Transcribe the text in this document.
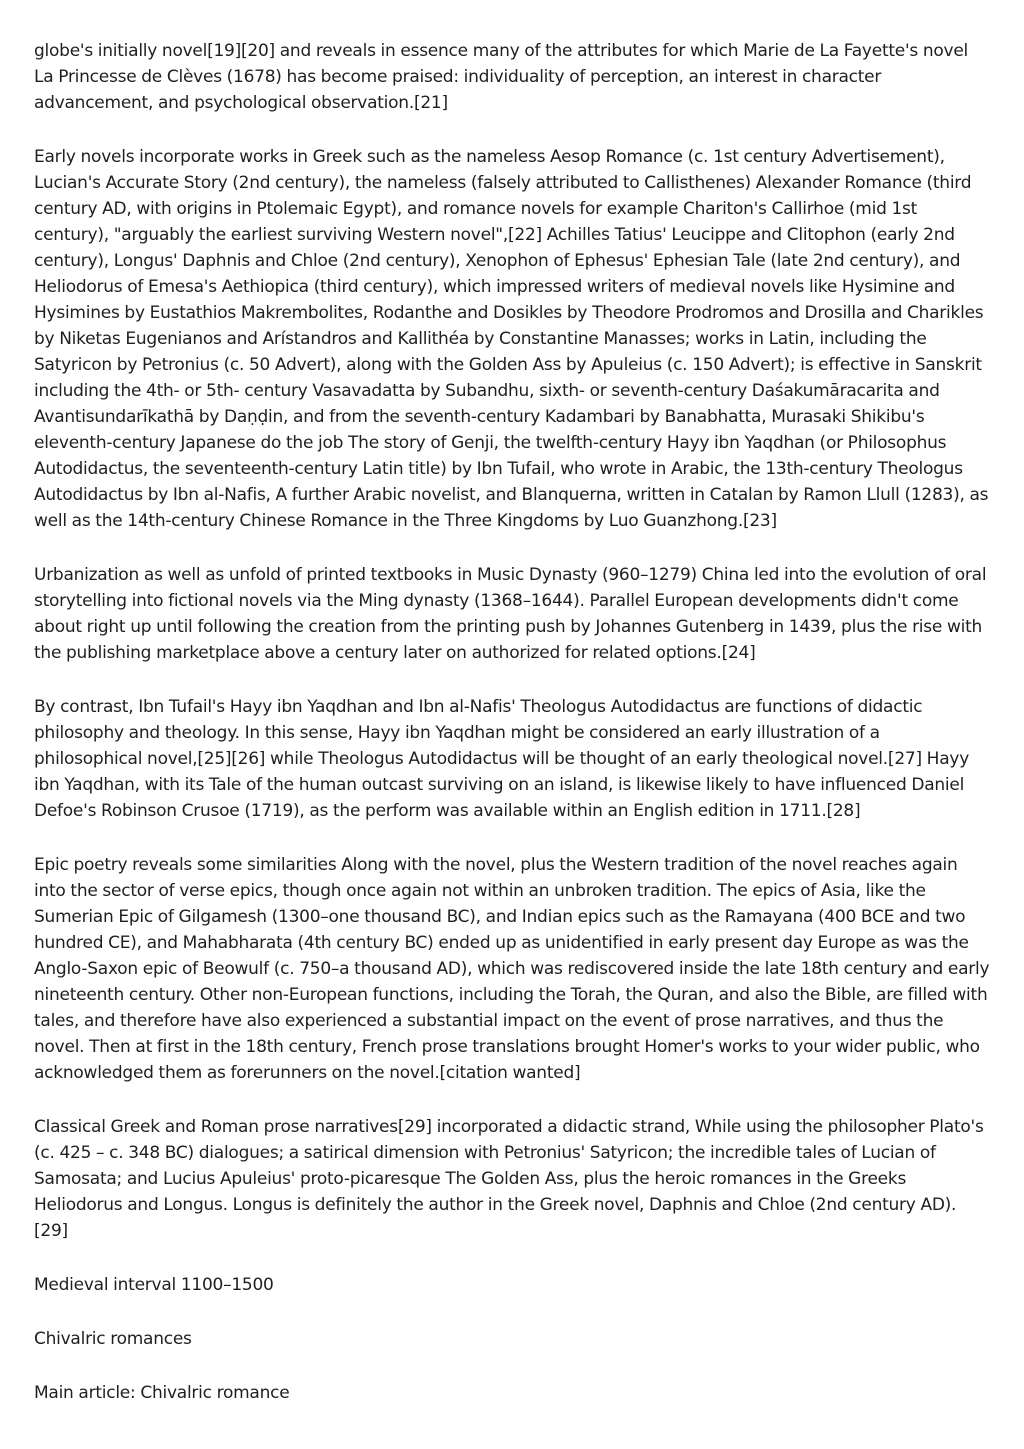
globe's initially novel[19][20] and reveals in essence many of the attributes for which Marie de La Fayette's novel La Princesse de Clèves (1678) has become praised: individuality of perception, an interest in character advancement, and psychological observation.[21]

Early novels incorporate works in Greek such as the nameless Aesop Romance (c. 1st century Advertisement), Lucian's Accurate Story (2nd century), the nameless (falsely attributed to Callisthenes) Alexander Romance (third century AD, with origins in Ptolemaic Egypt), and romance novels for example Chariton's Callirhoe (mid 1st century), "arguably the earliest surviving Western novel",[22] Achilles Tatius' Leucippe and Clitophon (early 2nd century), Longus' Daphnis and Chloe (2nd century), Xenophon of Ephesus' Ephesian Tale (late 2nd century), and Heliodorus of Emesa's Aethiopica (third century), which impressed writers of medieval novels like Hysimine and Hysimines by Eustathios Makrembolites, Rodanthe and Dosikles by Theodore Prodromos and Drosilla and Charikles by Niketas Eugenianos and Arístandros and Kallithéa by Constantine Manasses; works in Latin, including the Satyricon by Petronius (c. 50 Advert), along with the Golden Ass by Apuleius (c. 150 Advert); is effective in Sanskrit including the 4th- or 5th- century Vasavadatta by Subandhu, sixth- or seventh-century Daśakumāracarita and Avantisundarīkathā by Daṇḍin, and from the seventh-century Kadambari by Banabhatta, Murasaki Shikibu's eleventh-century Japanese do the job The story of Genji, the twelfth-century Hayy ibn Yaqdhan (or Philosophus Autodidactus, the seventeenth-century Latin title) by Ibn Tufail, who wrote in Arabic, the 13th-century Theologus Autodidactus by Ibn al-Nafis, A further Arabic novelist, and Blanquerna, written in Catalan by Ramon Llull (1283), as well as the 14th-century Chinese Romance in the Three Kingdoms by Luo Guanzhong.[23]

Urbanization as well as unfold of printed textbooks in Music Dynasty (960–1279) China led into the evolution of oral storytelling into fictional novels via the Ming dynasty (1368–1644). Parallel European developments didn't come about right up until following the creation from the printing push by Johannes Gutenberg in 1439, plus the rise with the publishing marketplace above a century later on authorized for related options.[24]

By contrast, Ibn Tufail's Hayy ibn Yaqdhan and Ibn al-Nafis' Theologus Autodidactus are functions of didactic philosophy and theology. In this sense, Hayy ibn Yaqdhan might be considered an early illustration of a philosophical novel,[25][26] while Theologus Autodidactus will be thought of an early theological novel.[27] Hayy ibn Yaqdhan, with its Tale of the human outcast surviving on an island, is likewise likely to have influenced Daniel Defoe's Robinson Crusoe (1719), as the perform was available within an English edition in 1711.[28]

Epic poetry reveals some similarities Along with the novel, plus the Western tradition of the novel reaches again into the sector of verse epics, though once again not within an unbroken tradition. The epics of Asia, like the Sumerian Epic of Gilgamesh (1300–one thousand BC), and Indian epics such as the Ramayana (400 BCE and two hundred CE), and Mahabharata (4th century BC) ended up as unidentified in early present day Europe as was the Anglo-Saxon epic of Beowulf (c. 750–a thousand AD), which was rediscovered inside the late 18th century and early nineteenth century. Other non-European functions, including the Torah, the Quran, and also the Bible, are filled with tales, and therefore have also experienced a substantial impact on the event of prose narratives, and thus the novel. Then at first in the 18th century, French prose translations brought Homer's works to your wider public, who acknowledged them as forerunners on the novel.[citation wanted]

Classical Greek and Roman prose narratives[29] incorporated a didactic strand, While using the philosopher Plato's (c. 425 – c. 348 BC) dialogues; a satirical dimension with Petronius' Satyricon; the incredible tales of Lucian of Samosata; and Lucius Apuleius' proto-picaresque The Golden Ass, plus the heroic romances in the Greeks Heliodorus and Longus. Longus is definitely the author in the Greek novel, Daphnis and Chloe (2nd century AD).[29]

Medieval interval 1100–1500

Chivalric romances

Main article: Chivalric romance
